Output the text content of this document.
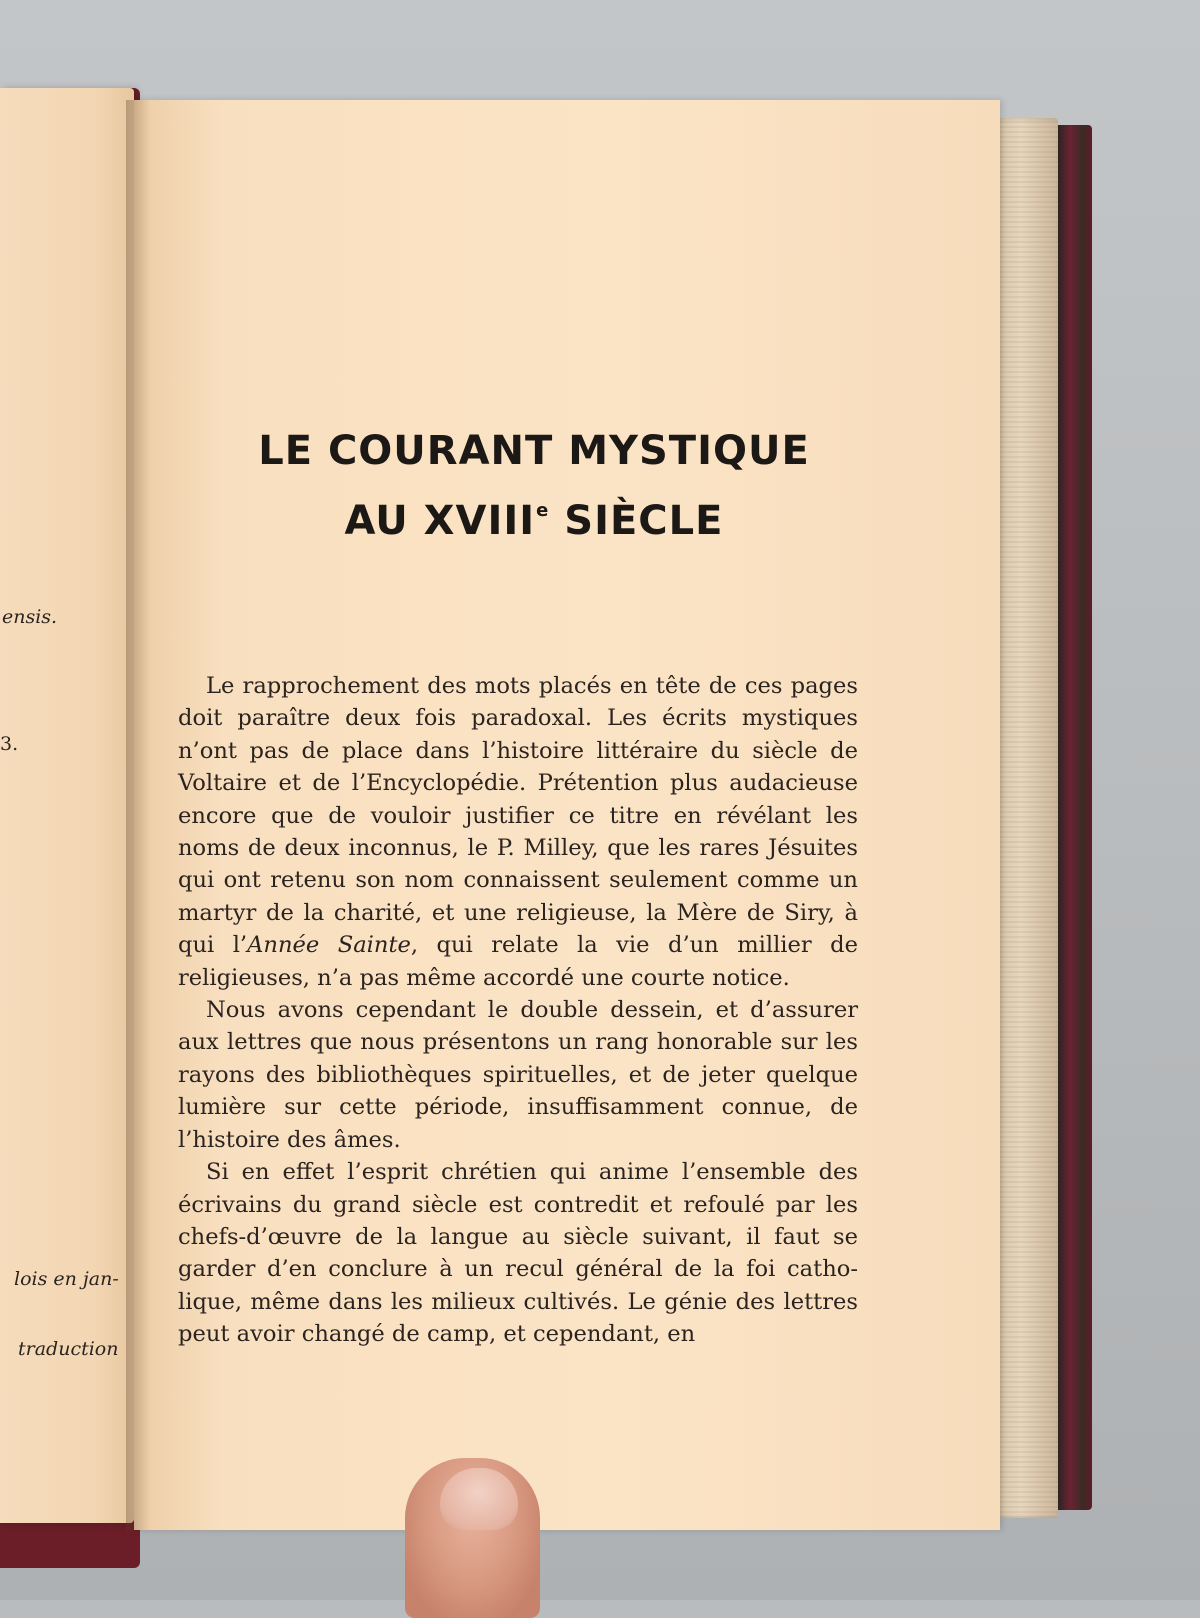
ensis.
3.
lois en jan-
traduction
LE COURANT MYSTIQUE
AU XVIIIe SIÈCLE

Le rapprochement des mots placés en tête de ces pages doit paraître deux fois paradoxal. Les écrits mystiques n’ont pas de place dans l’histoire littéraire du siècle de Voltaire et de l’Encyclopédie. Prétention plus audacieuse encore que de vouloir justifier ce titre en révélant les noms de deux inconnus, le P. Milley, que les rares Jésuites qui ont retenu son nom connaissent seulement comme un martyr de la charité, et une religieuse, la Mère de Siry, à qui l’Année Sainte, qui relate la vie d’un millier de religieuses, n’a pas même accordé une courte notice.

Nous avons cependant le double dessein, et d’assurer aux lettres que nous présentons un rang honorable sur les rayons des bibliothèques spirituelles, et de jeter quelque lumière sur cette période, insuffisamment connue, de l’histoire des âmes.

Si en effet l’esprit chrétien qui anime l’ensemble des écrivains du grand siècle est contredit et refoulé par les chefs-d’œuvre de la langue au siècle suivant, il faut se garder d’en conclure à un recul général de la foi catholique, même dans les milieux cultivés. Le génie des lettres peut avoir changé de camp, et cependant, en
